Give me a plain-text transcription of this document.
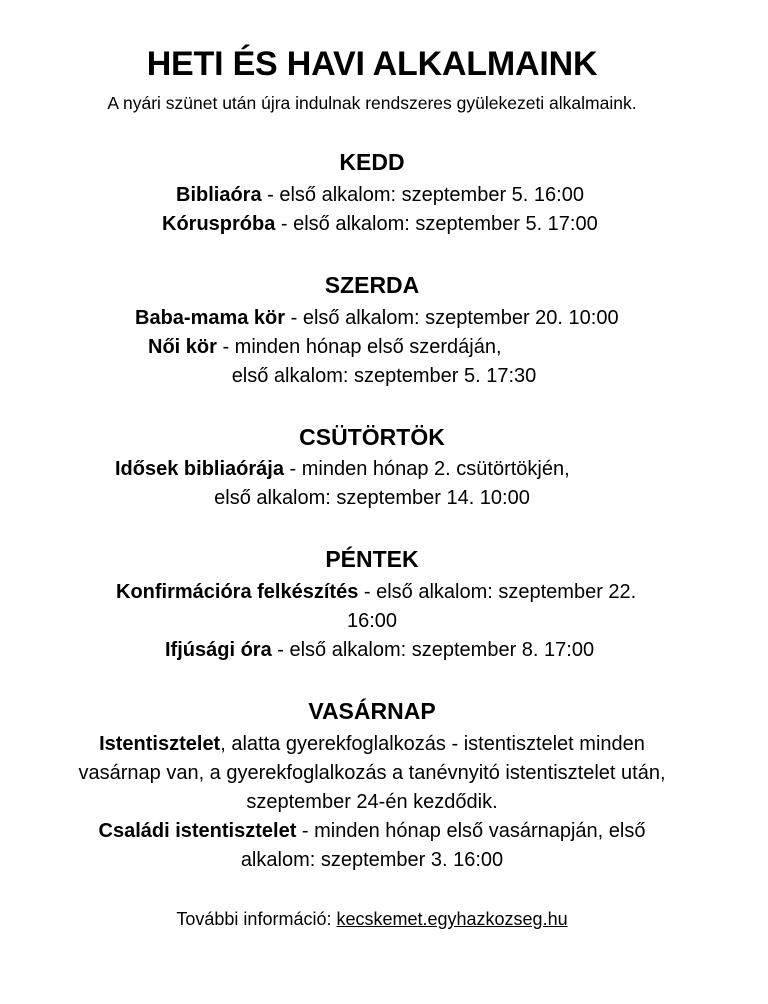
HETI ÉS HAVI ALKALMAINK
A nyári szünet után újra indulnak rendszeres gyülekezeti alkalmaink.
KEDD
Bibliaóra - első alkalom: szeptember 5. 16:00
Kóruspróba - első alkalom: szeptember 5. 17:00
SZERDA
Baba-mama kör - első alkalom: szeptember 20. 10:00
Női kör - minden hónap első szerdáján,
első alkalom: szeptember 5. 17:30
CSÜTÖRTÖK
Idősek bibliaórája - minden hónap 2. csütörtökjén,
első alkalom: szeptember 14. 10:00
PÉNTEK
Konfirmációra felkészítés - első alkalom: szeptember 22.
16:00
Ifjúsági óra - első alkalom: szeptember 8. 17:00
VASÁRNAP
Istentisztelet, alatta gyerekfoglalkozás - istentisztelet minden
vasárnap van, a gyerekfoglalkozás a tanévnyitó istentisztelet után,
szeptember 24-én kezdődik.
Családi istentisztelet - minden hónap első vasárnapján, első
alkalom: szeptember 3. 16:00
További információ: kecskemet.egyhazkozseg.hu
